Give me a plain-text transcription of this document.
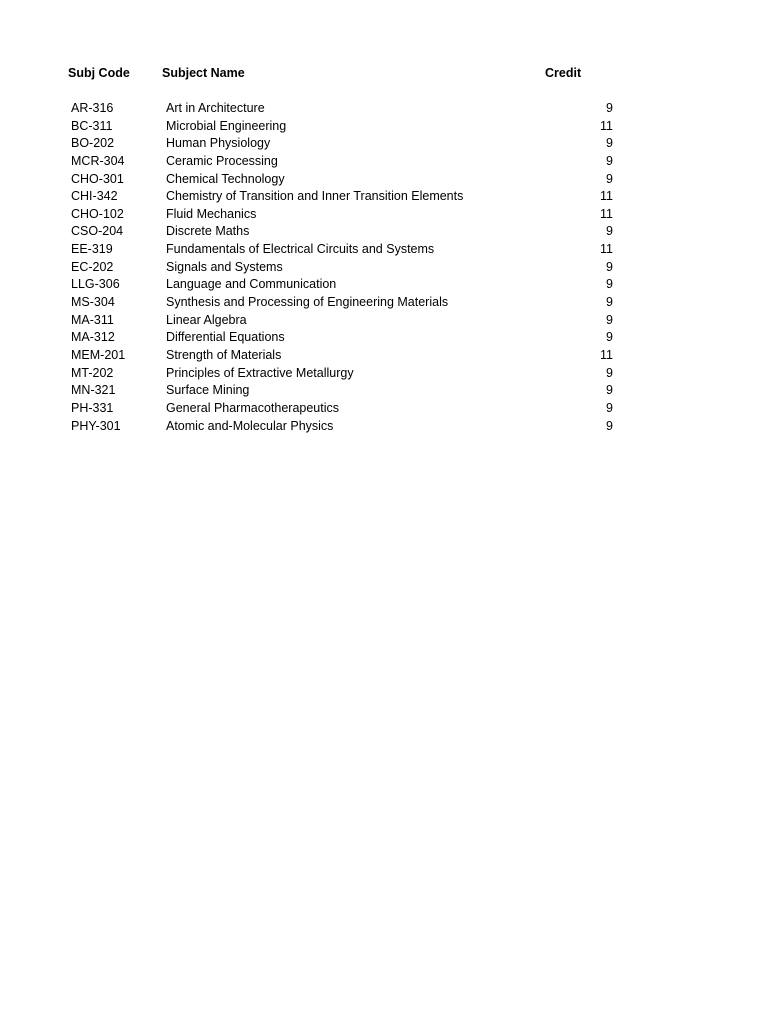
Subj Code	Subject Name	Credit
AR-316	Art in Architecture	9
BC-311	Microbial Engineering	11
BO-202	Human Physiology	9
MCR-304	Ceramic Processing	9
CHO-301	Chemical Technology	9
CHI-342	Chemistry of Transition and Inner Transition Elements	11
CHO-102	Fluid Mechanics	11
CSO-204	Discrete Maths	9
EE-319	Fundamentals of Electrical Circuits and Systems	11
EC-202	Signals and Systems	9
LLG-306	Language and Communication	9
MS-304	Synthesis and Processing of Engineering Materials	9
MA-311	Linear Algebra	9
MA-312	Differential Equations	9
MEM-201	Strength of Materials	11
MT-202	Principles of Extractive Metallurgy	9
MN-321	Surface Mining	9
PH-331	General Pharmacotherapeutics	9
PHY-301	Atomic and-Molecular Physics	9
